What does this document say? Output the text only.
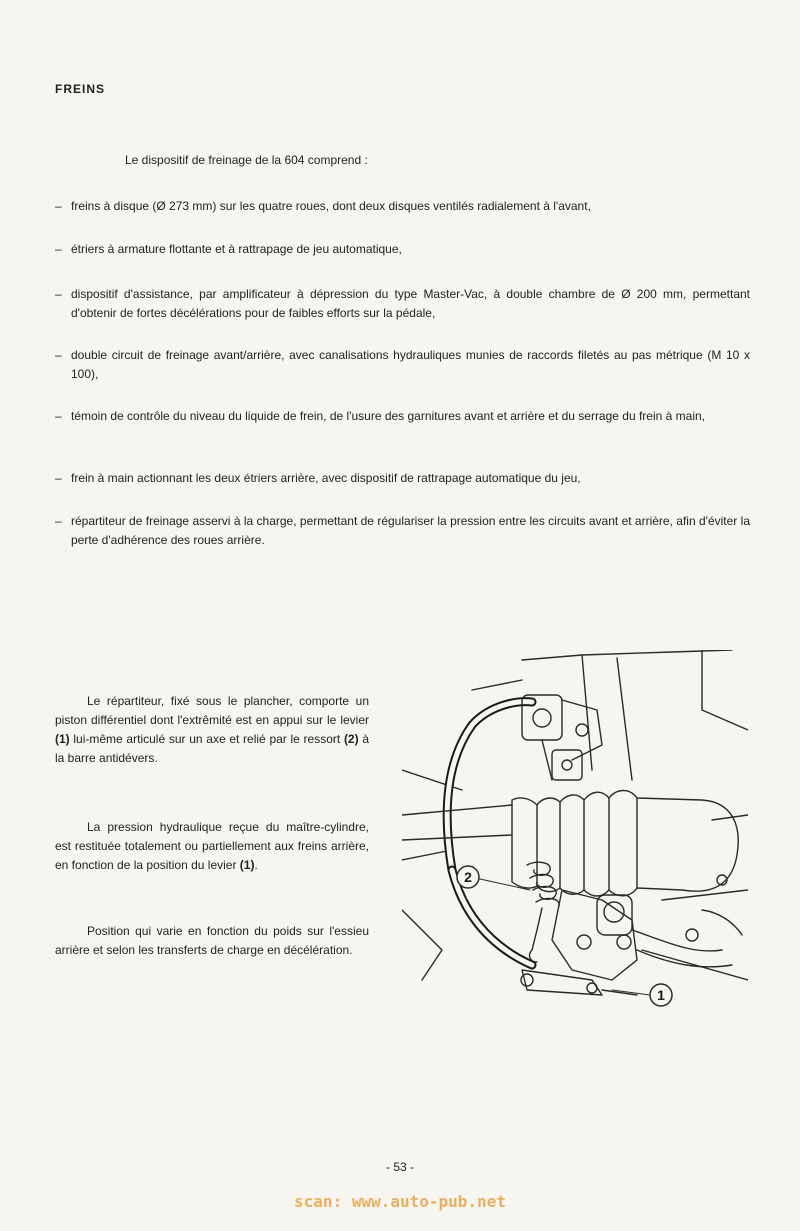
FREINS
Le dispositif de freinage de la 604 comprend :
– freins à disque (Ø 273 mm) sur les quatre roues, dont deux disques ventilés radialement à l'avant,
– étriers à armature flottante et à rattrapage de jeu automatique,
– dispositif d'assistance, par amplificateur à dépression du type Master-Vac, à double chambre de Ø 200 mm, permettant d'obtenir de fortes décélérations pour de faibles efforts sur la pédale,
– double circuit de freinage avant/arrière, avec canalisations hydrauliques munies de raccords filetés au pas métrique (M 10 x 100),
– témoin de contrôle du niveau du liquide de frein, de l'usure des garnitures avant et arrière et du serrage du frein à main,
– frein à main actionnant les deux étriers arrière, avec dispositif de rattrapage automatique du jeu,
– répartiteur de freinage asservi à la charge, permettant de régulariser la pression entre les circuits avant et arrière, afin d'éviter la perte d'adhérence des roues arrière.
Le répartiteur, fixé sous le plancher, comporte un piston différentiel dont l'extrêmité est en appui sur le levier (1) lui-même articulé sur un axe et relié par le ressort (2) à la barre antidévers.
La pression hydraulique reçue du maître-cylindre, est restituée totalement ou partiellement aux freins arrière, en fonction de la position du levier (1).
Position qui varie en fonction du poids sur l'essieu arrière et selon les transferts de charge en décélération.
2
1
- 53 -
scan: www.auto-pub.net
